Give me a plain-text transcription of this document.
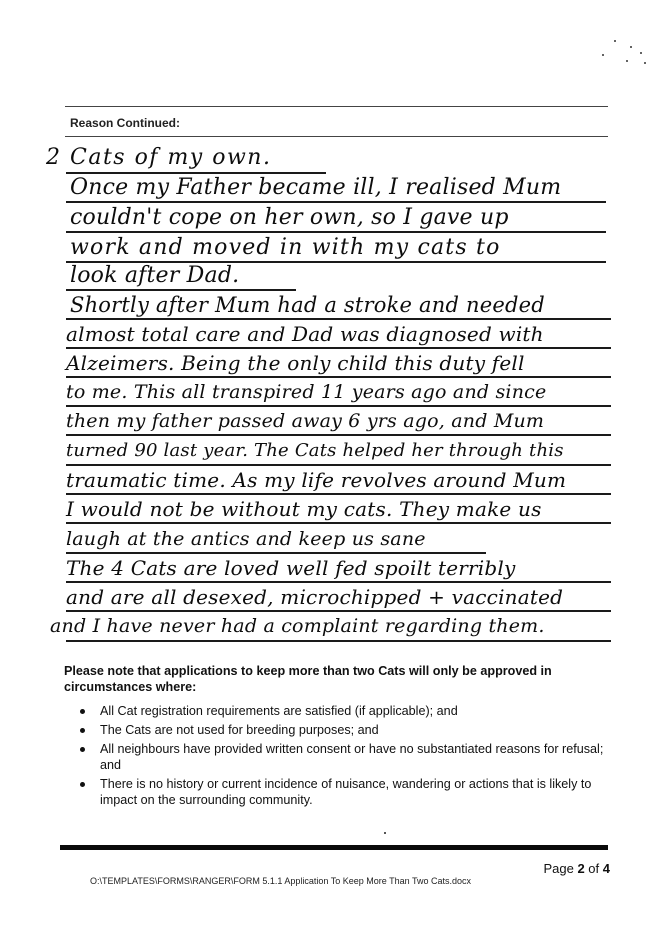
Reason Continued:
2 Cats of my own.
Once my Father became ill, I realised Mum
couldn't cope on her own, so I gave up
work and moved in with my cats to
look after Dad.
Shortly after Mum had a stroke and needed
almost total care and Dad was diagnosed with
Alzeimers. Being the only child this duty fell
to me. This all transpired 11 years ago and since
then my father passed away 6 yrs ago, and Mum
turned 90 last year. The Cats helped her through this
traumatic time. As my life revolves around Mum
I would not be without my cats. They make us
laugh at the antics and keep us sane
The 4 Cats are loved well fed spoilt terribly
and are all desexed, microchipped + vaccinated
and I have never had a complaint regarding them.
Please note that applications to keep more than two Cats will only be approved in circumstances where:
All Cat registration requirements are satisfied (if applicable); and
The Cats are not used for breeding purposes; and
All neighbours have provided written consent or have no substantiated reasons for refusal; and
There is no history or current incidence of nuisance, wandering or actions that is likely to impact on the surrounding community.
Page 2 of 4
O:\TEMPLATES\FORMS\RANGER\FORM 5.1.1 Application To Keep More Than Two Cats.docx
